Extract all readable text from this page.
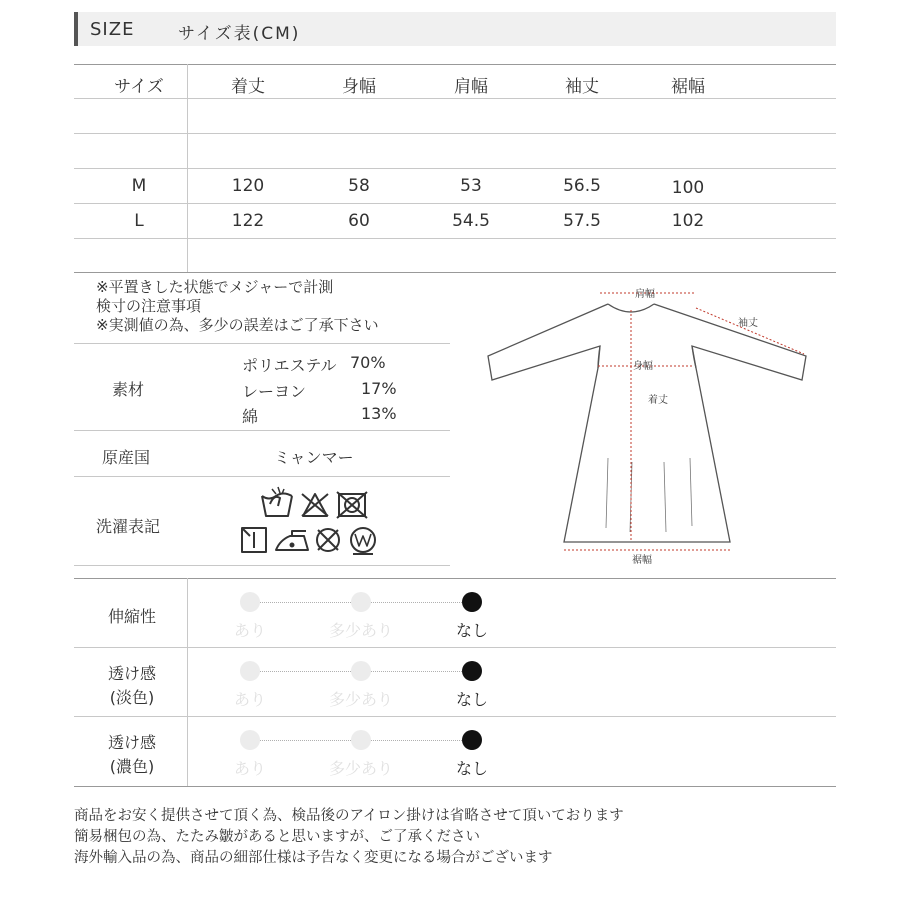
SIZE	サイズ表(CM)
サイズ	着丈	身幅	肩幅	袖丈	裾幅
M	120	58	53	56.5	100
L	122	60	54.5	57.5	102
※平置きした状態でメジャーで計測
検寸の注意事項
※実測値の為、多少の誤差はご了承下さい
素材
ポリエステル 70%
レーヨン	17%
綿	13%
原産国	ミャンマー
洗濯表記
肩幅
袖丈
身幅
着丈
裾幅
伸縮性
あり	多少あり	なし
透け感
(淡色)	あり	多少あり	なし
透け感
(濃色)	あり	多少あり	なし
商品をお安く提供させて頂く為、検品後のアイロン掛けは省略させて頂いております
簡易梱包の為、たたみ皺があると思いますが、ご了承ください
海外輸入品の為、商品の細部仕様は予告なく変更になる場合がございます
